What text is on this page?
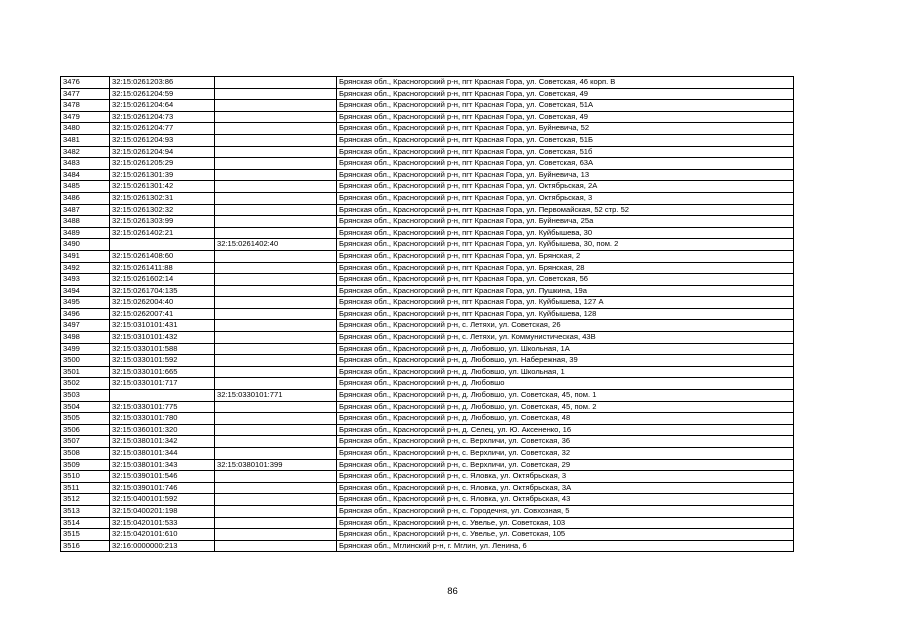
3476	32:15:0261203:86		Брянская обл., Красногорский р-н, пгт Красная Гора, ул. Советская, 46 корп. В
3477	32:15:0261204:59		Брянская обл., Красногорский р-н, пгт Красная Гора, ул. Советская, 49
3478	32:15:0261204:64		Брянская обл., Красногорский р-н, пгт Красная Гора, ул. Советская, 51А
3479	32:15:0261204:73		Брянская обл., Красногорский р-н, пгт Красная Гора, ул. Советская, 49
3480	32:15:0261204:77		Брянская обл., Красногорский р-н, пгт Красная Гора, ул. Буйневича, 52
3481	32:15:0261204:93		Брянская обл., Красногорский р-н, пгт Красная Гора, ул. Советская, 51Б
3482	32:15:0261204:94		Брянская обл., Красногорский р-н, пгт Красная Гора, ул. Советская, 51б
3483	32:15:0261205:29		Брянская обл., Красногорский р-н, пгт Красная Гора, ул. Советская, 63А
3484	32:15:0261301:39		Брянская обл., Красногорский р-н, пгт Красная Гора, ул. Буйневича, 13
3485	32:15:0261301:42		Брянская обл., Красногорский р-н, пгт Красная Гора, ул. Октябрьская, 2А
3486	32:15:0261302:31		Брянская обл., Красногорский р-н, пгт Красная Гора, ул. Октябрьская, 3
3487	32:15:0261302:32		Брянская обл., Красногорский р-н, пгт Красная Гора, ул. Первомайская, 52 стр. 52
3488	32:15:0261303:99		Брянская обл., Красногорский р-н, пгт Красная Гора, ул. Буйневича, 25а
3489	32:15:0261402:21		Брянская обл., Красногорский р-н, пгт Красная Гора, ул. Куйбышева, 30
3490		32:15:0261402:40	Брянская обл., Красногорский р-н, пгт Красная Гора, ул. Куйбышева, 30, пом. 2
3491	32:15:0261408:60		Брянская обл., Красногорский р-н, пгт Красная Гора, ул. Брянская, 2
3492	32:15:0261411:88		Брянская обл., Красногорский р-н, пгт Красная Гора, ул. Брянская, 28
3493	32:15:0261602:14		Брянская обл., Красногорский р-н, пгт Красная Гора, ул. Советская, 56
3494	32:15:0261704:135		Брянская обл., Красногорский р-н, пгт Красная Гора, ул. Пушкина, 19а
3495	32:15:0262004:40		Брянская обл., Красногорский р-н, пгт Красная Гора, ул. Куйбышева, 127 А
3496	32:15:0262007:41		Брянская обл., Красногорский р-н, пгт Красная Гора, ул. Куйбышева, 128
3497	32:15:0310101:431		Брянская обл., Красногорский р-н, с. Летяхи, ул. Советская, 26
3498	32:15:0310101:432		Брянская обл., Красногорский р-н, с. Летяхи, ул. Коммунистическая, 43В
3499	32:15:0330101:588		Брянская обл., Красногорский р-н, д. Любовшо, ул. Школьная, 1А
3500	32:15:0330101:592		Брянская обл., Красногорский р-н, д. Любовшо, ул. Набережная, 39
3501	32:15:0330101:665		Брянская обл., Красногорский р-н, д. Любовшо, ул. Школьная, 1
3502	32:15:0330101:717		Брянская обл., Красногорский р-н, д. Любовшо
3503		32:15:0330101:771	Брянская обл., Красногорский р-н, д. Любовшо, ул. Советская, 45, пом. 1
3504	32:15:0330101:775		Брянская обл., Красногорский р-н, д. Любовшо, ул. Советская, 45, пом. 2
3505	32:15:0330101:780		Брянская обл., Красногорский р-н, д. Любовшо, ул. Советская, 48
3506	32:15:0360101:320		Брянская обл., Красногорский р-н, д. Селец, ул. Ю. Аксененко, 16
3507	32:15:0380101:342		Брянская обл., Красногорский р-н, с. Верхличи, ул. Советская, 36
3508	32:15:0380101:344		Брянская обл., Красногорский р-н, с. Верхличи, ул. Советская, 32
3509	32:15:0380101:343	32:15:0380101:399	Брянская обл., Красногорский р-н, с. Верхличи, ул. Советская, 29
3510	32:15:0390101:546		Брянская обл., Красногорский р-н, с. Яловка, ул. Октябрьская, 3
3511	32:15:0390101:746		Брянская обл., Красногорский р-н, с. Яловка, ул. Октябрьская, 3А
3512	32:15:0400101:592		Брянская обл., Красногорский р-н, с. Яловка, ул. Октябрьская, 43
3513	32:15:0400201:198		Брянская обл., Красногорский р-н, с. Городечня, ул. Совхозная, 5
3514	32:15:0420101:533		Брянская обл., Красногорский р-н, с. Увелье, ул. Советская, 103
3515	32:15:0420101:610		Брянская обл., Красногорский р-н, с. Увелье, ул. Советская, 105
3516	32:16:0000000:213		Брянская обл., Мглинский р-н, г. Мглин, ул. Ленина, 6
86
